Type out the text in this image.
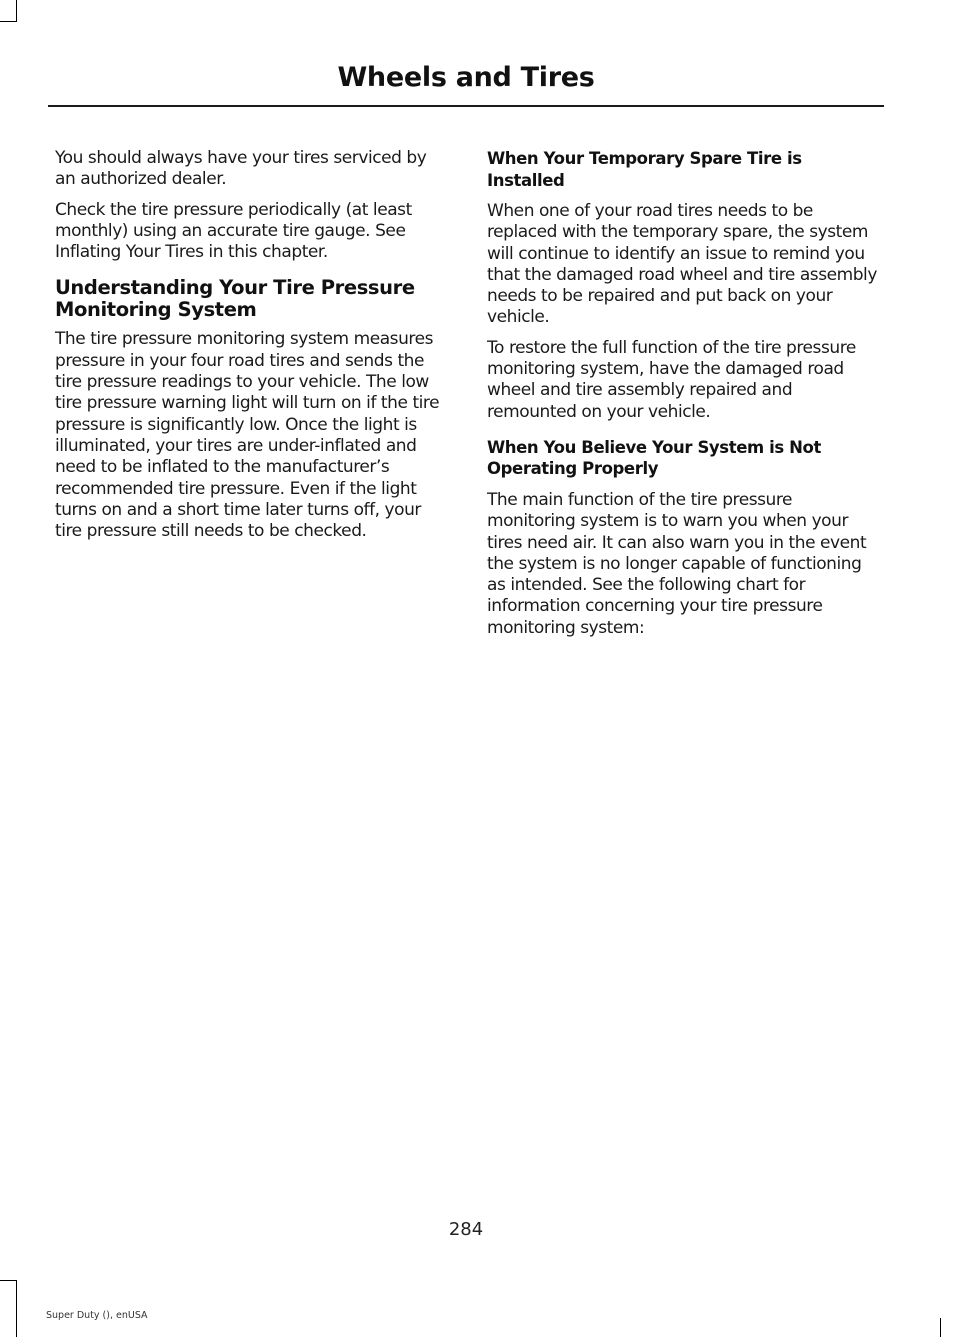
Wheels and Tires

You should always have your tires serviced by an authorized dealer.

Check the tire pressure periodically (at least monthly) using an accurate tire gauge. See Inflating Your Tires in this chapter.

Understanding Your Tire Pressure Monitoring System

The tire pressure monitoring system measures pressure in your four road tires and sends the tire pressure readings to your vehicle. The low tire pressure warning light will turn on if the tire pressure is significantly low. Once the light is illuminated, your tires are under-inflated and need to be inflated to the manufacturer’s recommended tire pressure. Even if the light turns on and a short time later turns off, your tire pressure still needs to be checked.

When Your Temporary Spare Tire is Installed

When one of your road tires needs to be replaced with the temporary spare, the system will continue to identify an issue to remind you that the damaged road wheel and tire assembly needs to be repaired and put back on your vehicle.

To restore the full function of the tire pressure monitoring system, have the damaged road wheel and tire assembly repaired and remounted on your vehicle.

When You Believe Your System is Not Operating Properly

The main function of the tire pressure monitoring system is to warn you when your tires need air. It can also warn you in the event the system is no longer capable of functioning as intended. See the following chart for information concerning your tire pressure monitoring system:

284
Super Duty (), enUSA
